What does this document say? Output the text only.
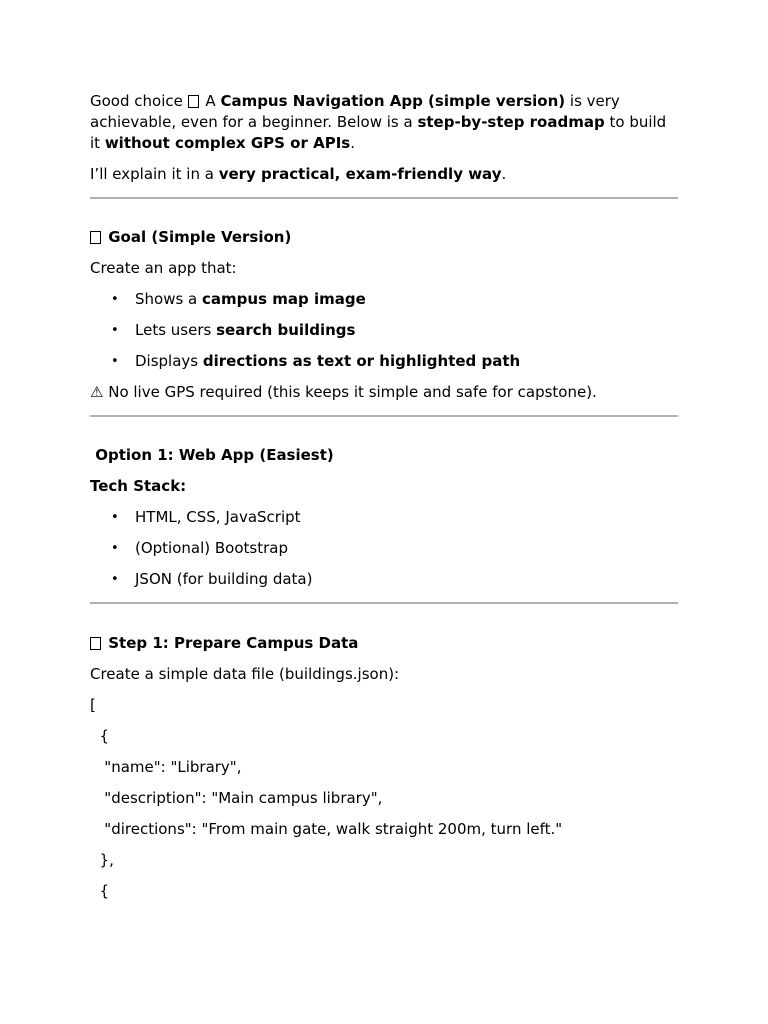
Good choice  A Campus Navigation App (simple version) is very achievable, even for a beginner. Below is a step-by-step roadmap to build it without complex GPS or APIs.

I’ll explain it in a very practical, exam-friendly way.

Goal (Simple Version)

Create an app that:

• Shows a campus map image
• Lets users search buildings
• Displays directions as text or highlighted path

⚠ No live GPS required (this keeps it simple and safe for capstone).

Option 1: Web App (Easiest)

Tech Stack:

• HTML, CSS, JavaScript
• (Optional) Bootstrap
• JSON (for building data)

Step 1: Prepare Campus Data

Create a simple data file (buildings.json):

[

{

"name": "Library",

"description": "Main campus library",

"directions": "From main gate, walk straight 200m, turn left."

},

{
